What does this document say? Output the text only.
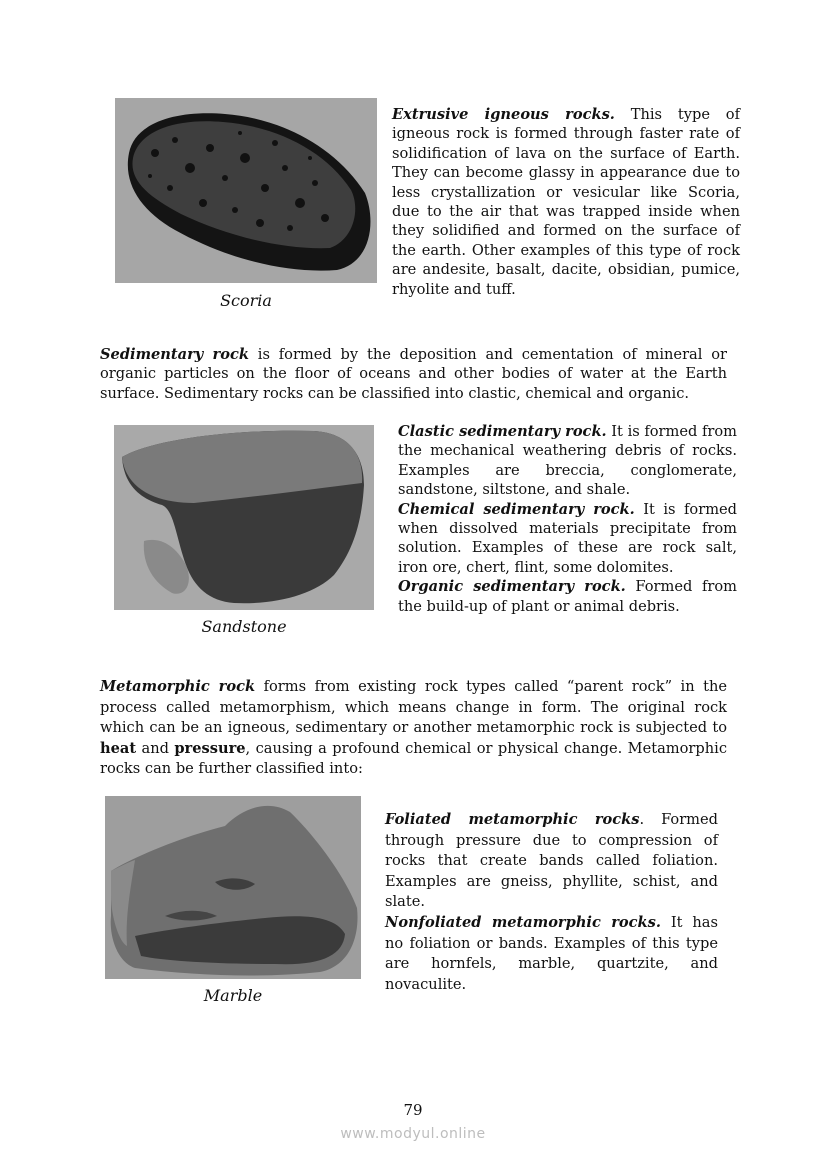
Scoria
Extrusive igneous rocks. This type of igneous rock is formed through faster rate of solidification of lava on the surface of Earth. They can become glassy in appearance due to less crystallization or vesicular like Scoria, due to the air that was trapped inside when they solidified and formed on the surface of the earth. Other examples of this type of rock are andesite, basalt, dacite, obsidian, pumice, rhyolite and tuff.
Sedimentary rock is formed by the deposition and cementation of mineral or organic particles on the floor of oceans and other bodies of water at the Earth surface. Sedimentary rocks can be classified into clastic, chemical and organic.
Sandstone
Clastic sedimentary rock. It is formed from the mechanical weathering debris of rocks. Examples are breccia, conglomerate, sandstone, siltstone, and shale.
Chemical sedimentary rock. It is formed when dissolved materials precipitate from solution. Examples of these are rock salt, iron ore, chert, flint, some dolomites.
Organic sedimentary rock. Formed from the build-up of plant or animal debris.
Metamorphic rock forms from existing rock types called “parent rock” in the process called metamorphism, which means change in form. The original rock which can be an igneous, sedimentary or another metamorphic rock is subjected to heat and pressure, causing a profound chemical or physical change. Metamorphic rocks can be further classified into:
Marble
Foliated metamorphic rocks. Formed through pressure due to compression of rocks that create bands called foliation. Examples are gneiss, phyllite, schist, and slate.
Nonfoliated metamorphic rocks. It has no foliation or bands. Examples of this type are hornfels, marble, quartzite, and novaculite.
79
www.modyul.online
